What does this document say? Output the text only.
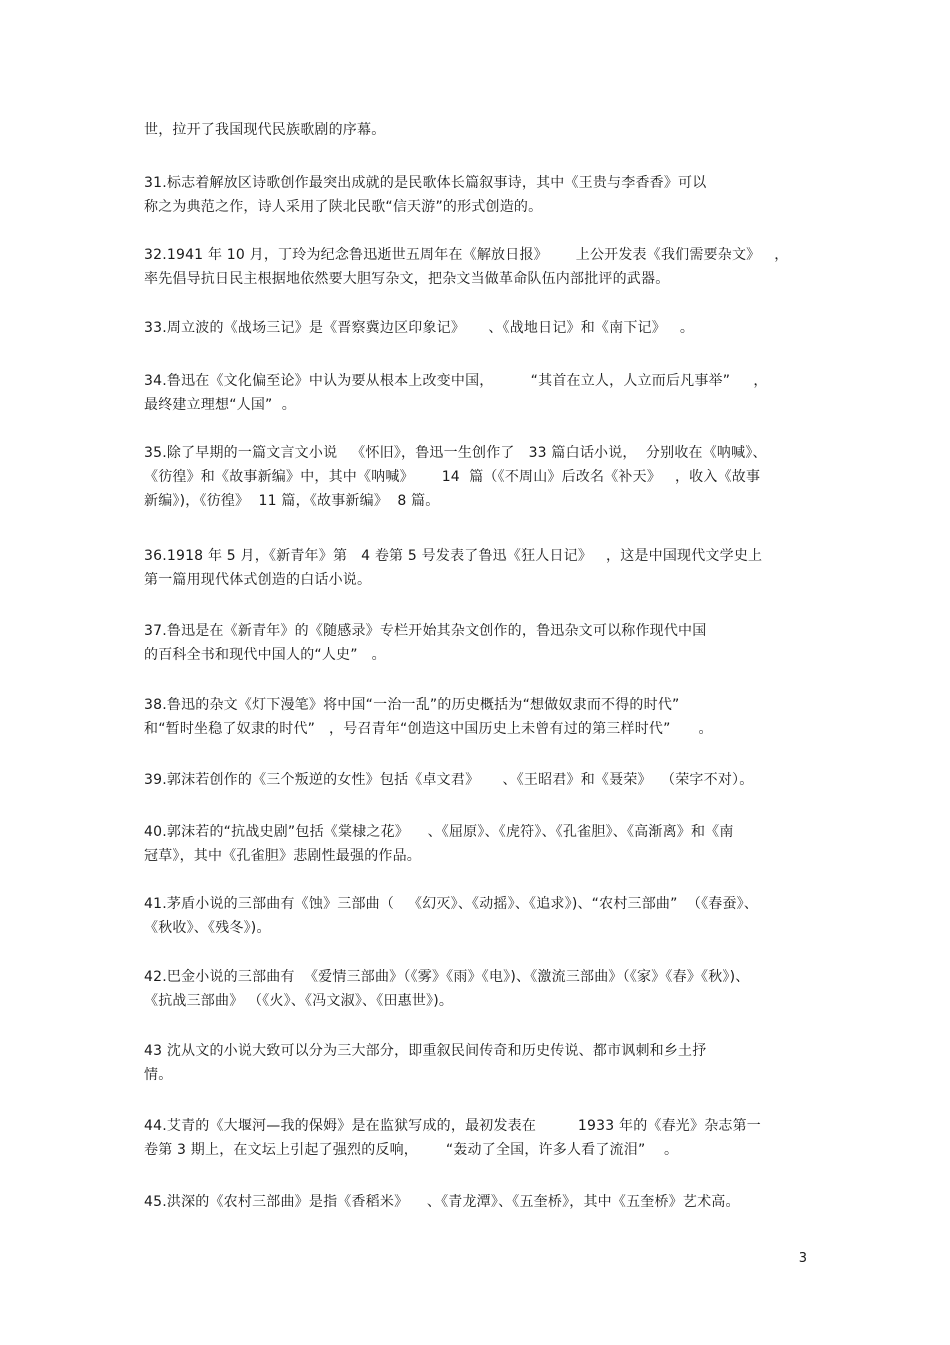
世，拉开了我国现代民族歌剧的序幕。
31.标志着解放区诗歌创作最突出成就的是民歌体长篇叙事诗，其中《王贵与李香香》可以
称之为典范之作，诗人采用了陕北民歌“信天游”的形式创造的。
32.1941 年 10 月，丁玲为纪念鲁迅逝世五周年在《解放日报》      上公开发表《我们需要杂文》   ，
率先倡导抗日民主根据地依然要大胆写杂文，把杂文当做革命队伍内部批评的武器。
33.周立波的《战场三记》是《晋察冀边区印象记》     、《战地日记》和《南下记》   。
34.鲁迅在《文化偏至论》中认为要从根本上改变中国，        “其首在立人，人立而后凡事举”     ，
最终建立理想“人国”  。
35.除了早期的一篇文言文小说   《怀旧》，鲁迅一生创作了   33 篇白话小说，  分别收在《呐喊》、
《彷徨》和《故事新编》中，其中《呐喊》      14  篇（《不周山》后改名《补天》   ，收入《故事
新编》)，《彷徨》  11 篇，《故事新编》  8 篇。
36.1918 年 5 月，《新青年》第   4 卷第 5 号发表了鲁迅《狂人日记》   ，这是中国现代文学史上
第一篇用现代体式创造的白话小说。
37.鲁迅是在《新青年》的《随感录》专栏开始其杂文创作的，鲁迅杂文可以称作现代中国
的百科全书和现代中国人的“人史”   。
38.鲁迅的杂文《灯下漫笔》将中国“一治一乱”的历史概括为“想做奴隶而不得的时代”
和“暂时坐稳了奴隶的时代”   ，号召青年“创造这中国历史上未曾有过的第三样时代”      。
39.郭沫若创作的《三个叛逆的女性》包括《卓文君》     、《王昭君》和《聂荣》  （荣字不对）。
40.郭沫若的“抗战史剧”包括《棠棣之花》    、《屈原》、《虎符》、《孔雀胆》、《高渐离》和《南
冠草》，其中《孔雀胆》悲剧性最强的作品。
41.茅盾小说的三部曲有《蚀》三部曲（   《幻灭》、《动摇》、《追求》)、“农村三部曲”  （《春蚕》、
《秋收》、《残冬》)。
42.巴金小说的三部曲有  《爱情三部曲》（《雾》《雨》《电》)、《激流三部曲》（《家》《春》《秋》)、
《抗战三部曲》 （《火》、《冯文淑》、《田惠世》)。
43 沈从文的小说大致可以分为三大部分，即重叙民间传奇和历史传说、都市讽刺和乡土抒
情。
44.艾青的《大堰河—我的保姆》是在监狱写成的，最初发表在         1933 年的《春光》杂志第一
卷第 3 期上，在文坛上引起了强烈的反响，      “轰动了全国，许多人看了流泪”    。
45.洪深的《农村三部曲》是指《香稻米》    、《青龙潭》、《五奎桥》，其中《五奎桥》艺术高。
3
